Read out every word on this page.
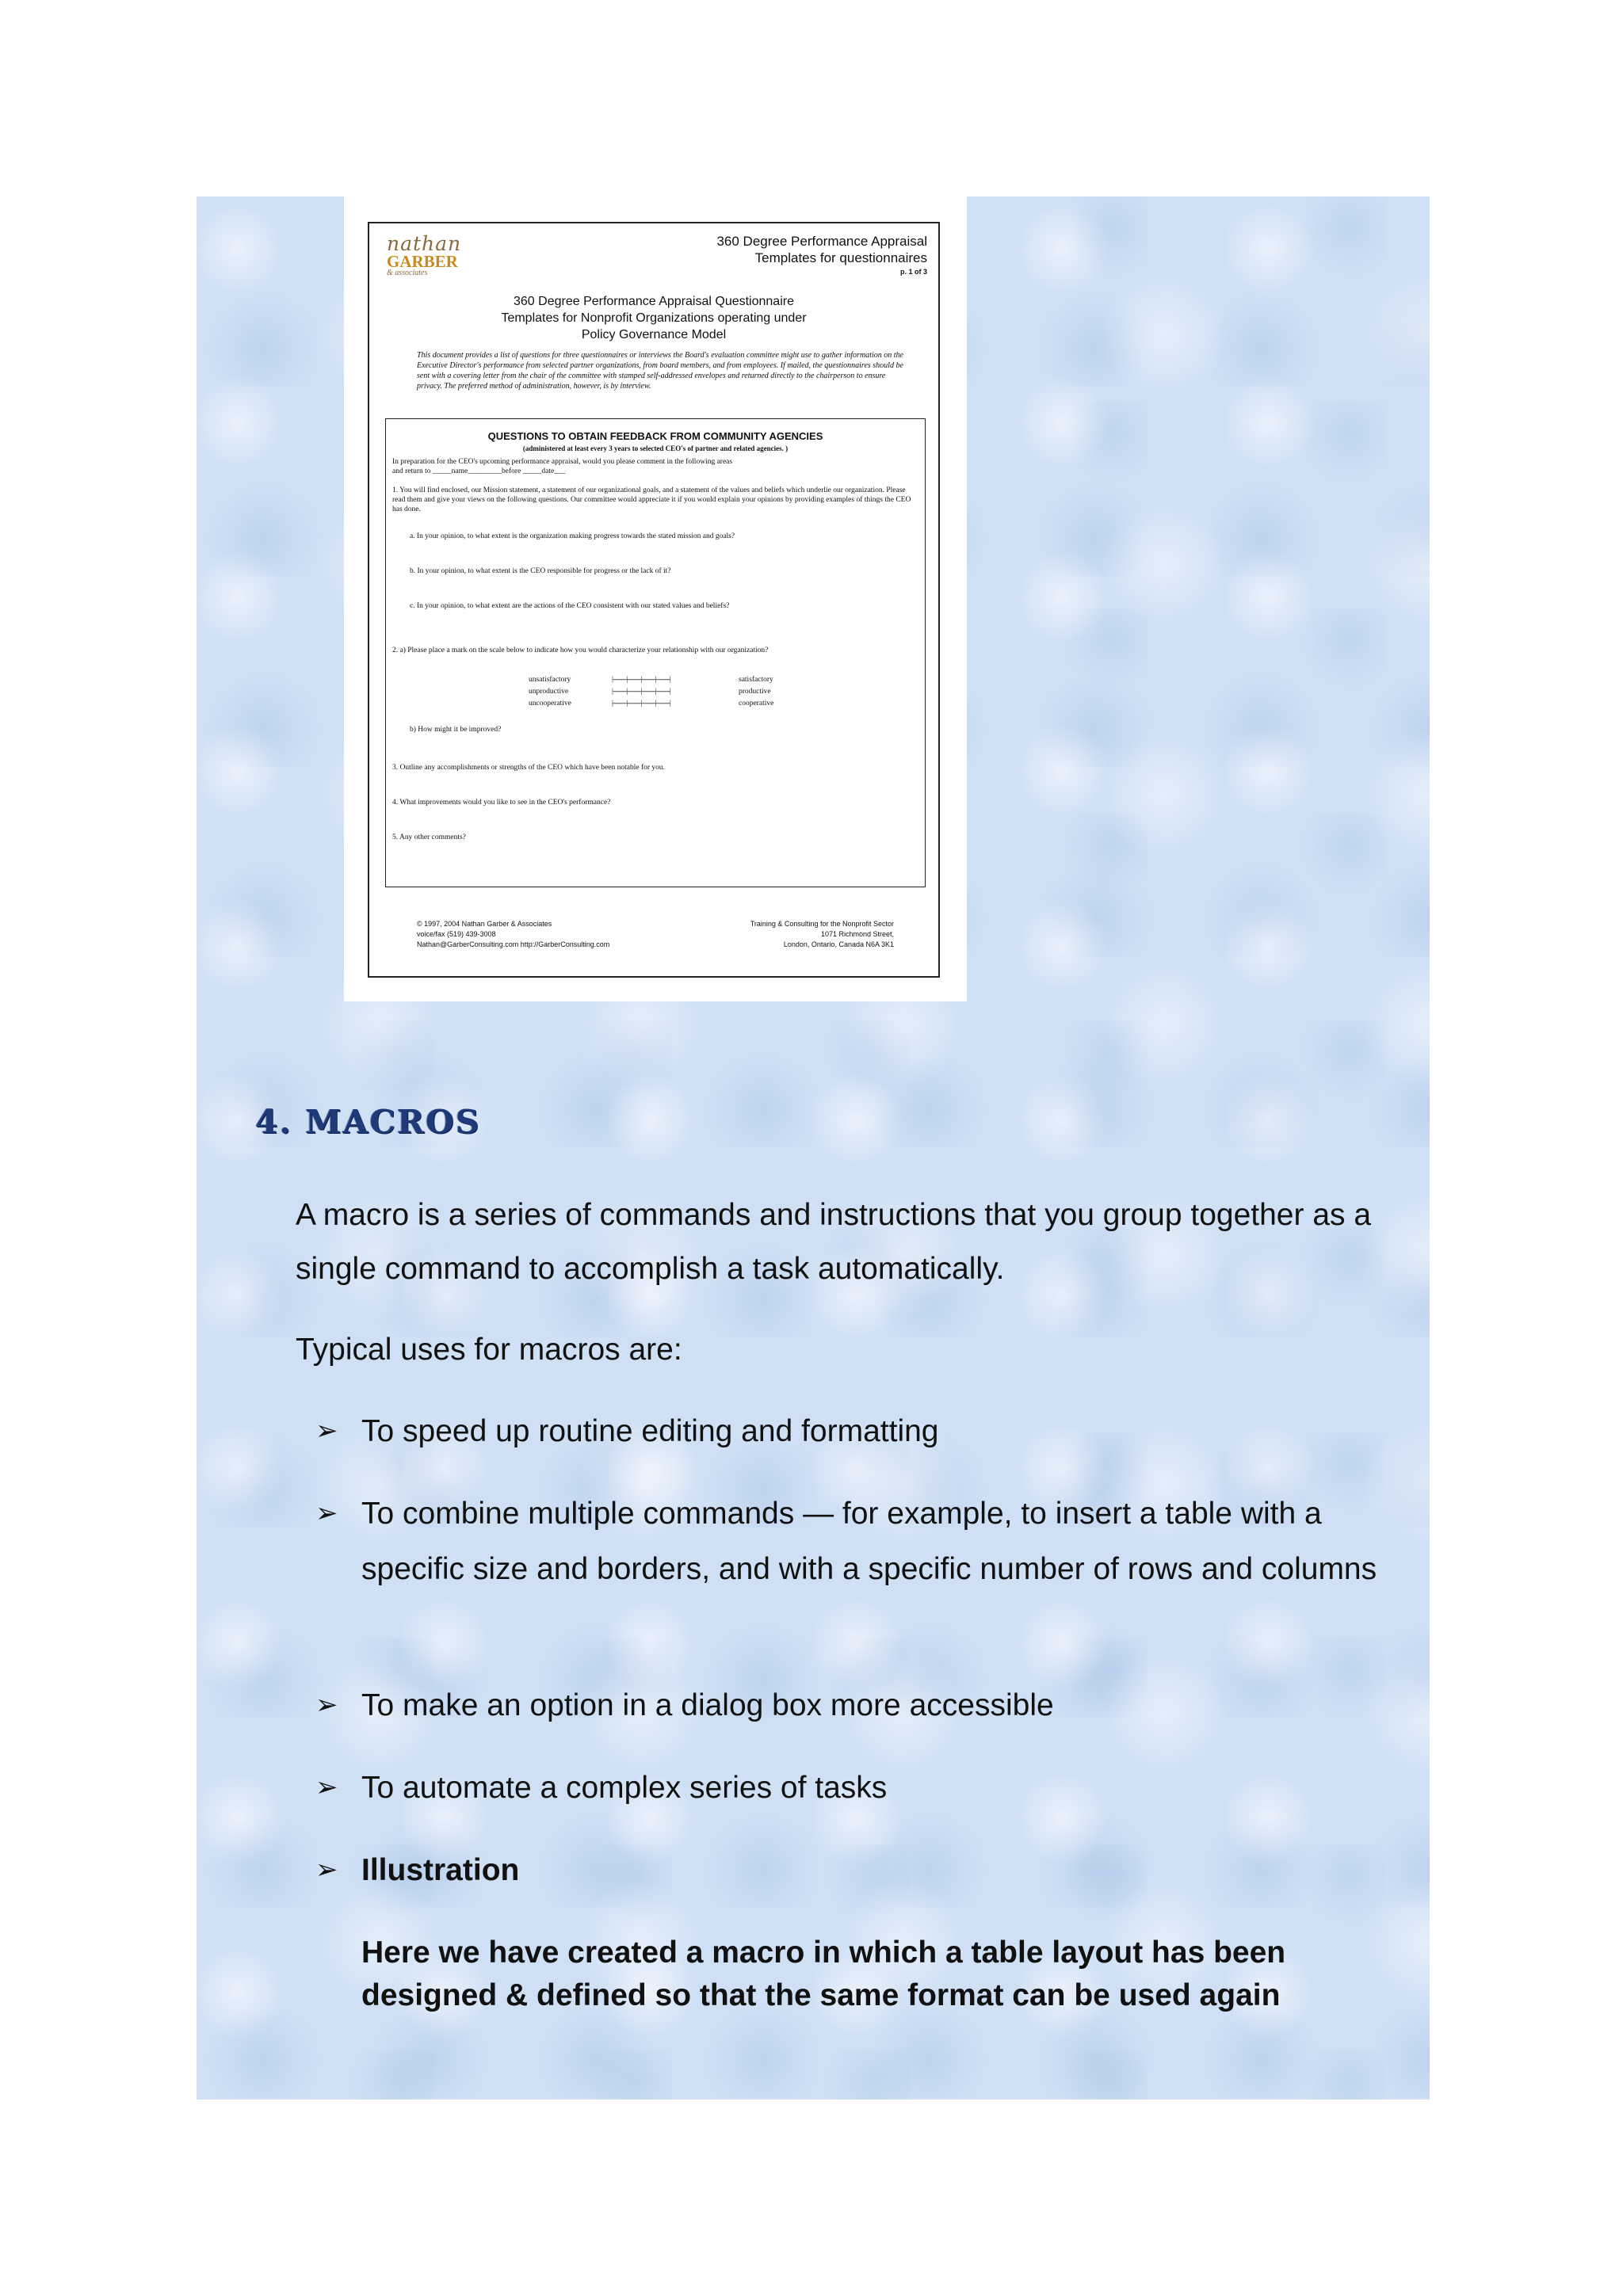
nathan
GARBER
& associates
360 Degree Performance Appraisal
Templates for questionnaires
p. 1 of 3
360 Degree Performance Appraisal Questionnaire
Templates for Nonprofit Organizations operating under
Policy Governance Model
This document provides a list of questions for three questionnaires or interviews the Board's evaluation committee might use to gather information on the Executive Director's performance from selected partner organizations, from board members, and from employees. If mailed, the questionnaires should be sent with a covering letter from the chair of the committee with stamped self-addressed envelopes and returned directly to the chairperson to ensure privacy. The preferred method of administration, however, is by interview.
QUESTIONS TO OBTAIN FEEDBACK FROM COMMUNITY AGENCIES
(administered at least every 3 years to selected CEO's of partner and related agencies. )
In preparation for the CEO's upcoming performance appraisal, would you please comment in the following areas
and return to _____name_________before _____date___
1. You will find enclosed, our Mission statement, a statement of our organizational goals, and a statement of the values and beliefs which underlie our organization. Please read them and give your views on the following questions. Our committee would appreciate it if you would explain your opinions by providing examples of things the CEO has done.
a. In your opinion, to what extent is the organization making progress towards the stated mission and goals?
b. In your opinion, to what extent is the CEO responsible for progress or the lack of it?
c. In your opinion, to what extent are the actions of the CEO consistent with our stated values and beliefs?
2. a) Please place a mark on the scale below to indicate how you would characterize your relationship with our organization?
unsatisfactory	|--------|--------|--------|--------|	satisfactory
unproductive	|--------|--------|--------|--------|	productive
uncooperative	|--------|--------|--------|--------|	cooperative
b) How might it be improved?
3. Outline any accomplishments or strengths of the CEO which have been notable for you.
4. What improvements would you like to see in the CEO's performance?
5. Any other comments?
© 1997, 2004 Nathan Garber & Associates
voice/fax (519) 439-3008
Nathan@GarberConsulting.com http://GarberConsulting.com
Training & Consulting for the Nonprofit Sector
1071 Richmond Street,
London, Ontario, Canada N6A 3K1
4. MACROS

A macro is a series of commands and instructions that you group together as a single command to accomplish a task automatically.

Typical uses for macros are:

➢ To speed up routine editing and formatting
➢ To combine multiple commands — for example, to insert a table with a specific size and borders, and with a specific number of rows and columns
➢ To make an option in a dialog box more accessible
➢ To automate a complex series of tasks
➢ Illustration
Here we have created a macro in which a table layout has been designed & defined so that the same format can be used again
